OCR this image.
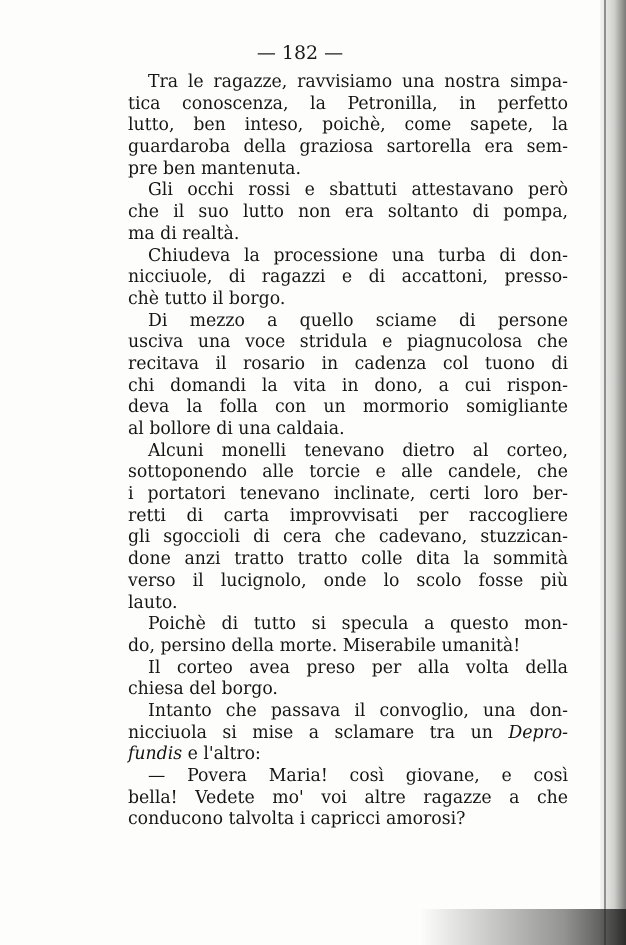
— 182 —
Tra le ragazze, ravvisiamo una nostra simpa-
tica conoscenza, la Petronilla, in perfetto
lutto, ben inteso, poichè, come sapete, la
guardaroba della graziosa sartorella era sem-
pre ben mantenuta.
Gli occhi rossi e sbattuti attestavano però
che il suo lutto non era soltanto di pompa,
ma di realtà.
Chiudeva la processione una turba di don-
nicciuole, di ragazzi e di accattoni, presso-
chè tutto il borgo.
Di mezzo a quello sciame di persone
usciva una voce stridula e piagnucolosa che
recitava il rosario in cadenza col tuono di
chi domandi la vita in dono, a cui rispon-
deva la folla con un mormorio somigliante
al bollore di una caldaia.
Alcuni monelli tenevano dietro al corteo,
sottoponendo alle torcie e alle candele, che
i portatori tenevano inclinate, certi loro ber-
retti di carta improvvisati per raccogliere
gli sgoccioli di cera che cadevano, stuzzican-
done anzi tratto tratto colle dita la sommità
verso il lucignolo, onde lo scolo fosse più
lauto.
Poichè di tutto si specula a questo mon-
do, persino della morte. Miserabile umanità!
Il corteo avea preso per alla volta della
chiesa del borgo.
Intanto che passava il convoglio, una don-
nicciuola si mise a sclamare tra un Depro-
fundis e l'altro:
— Povera Maria! così giovane, e così
bella! Vedete mo' voi altre ragazze a che
conducono talvolta i capricci amorosi?
